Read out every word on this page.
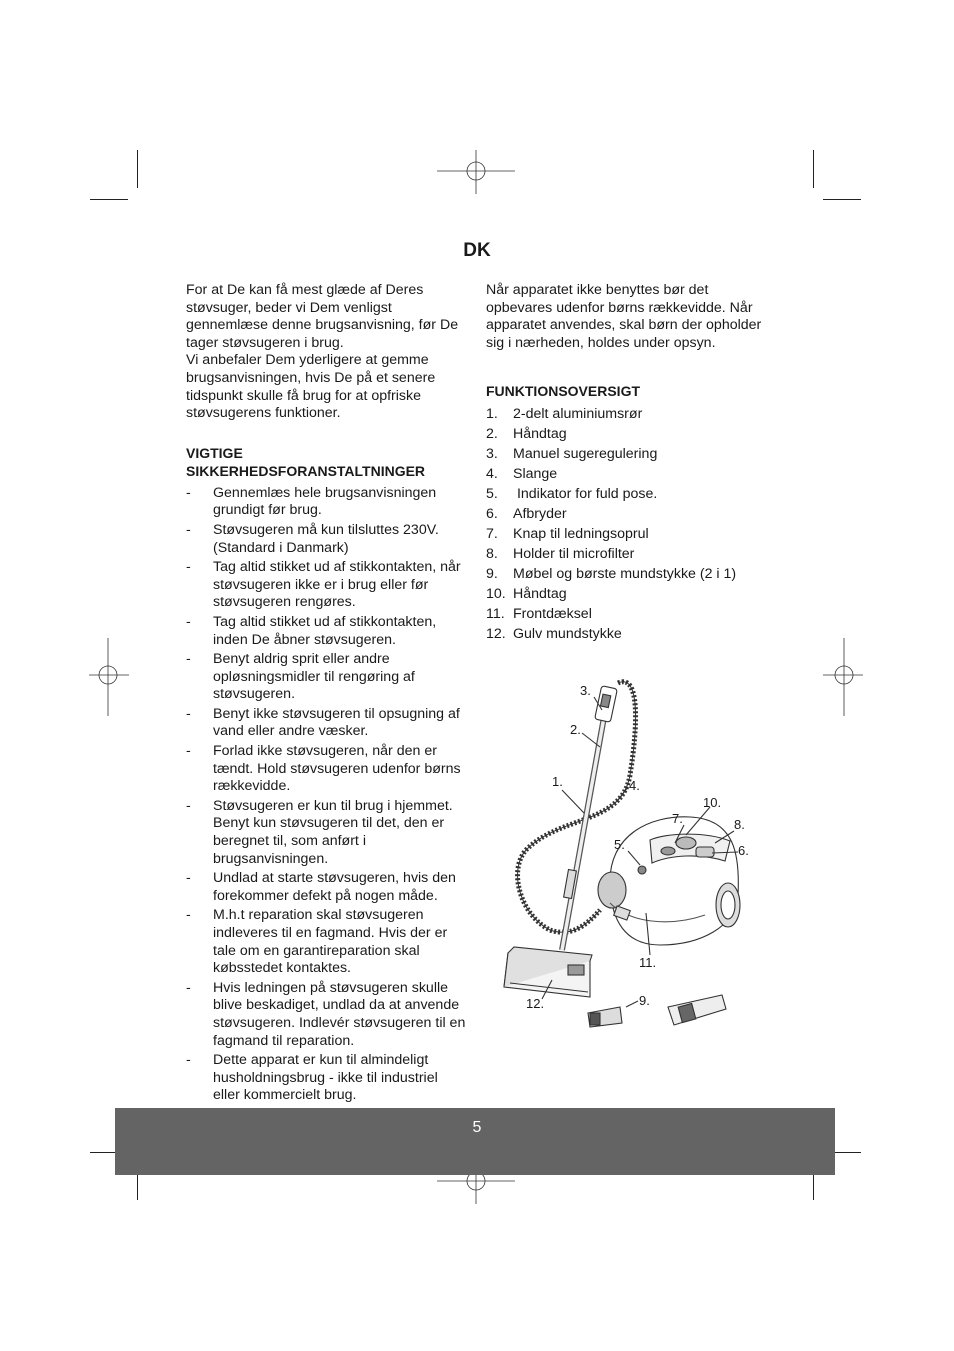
DK

For at De kan få mest glæde af Deres støvsuger, beder vi Dem venligst gennemlæse denne brugsanvisning, før De tager støvsugeren i brug.

Vi anbefaler Dem yderligere at gemme brugsanvisningen, hvis De på et senere tidspunkt skulle få brug for at opfriske støvsugerens funktioner.

VIGTIGE SIKKERHEDSFORANSTALTNINGER
- Gennemlæs hele brugsanvisningen grundigt før brug.
- Støvsugeren må kun tilsluttes 230V. (Standard i Danmark)
- Tag altid stikket ud af stikkontakten, når støvsugeren ikke er i brug eller før støvsugeren rengøres.
- Tag altid stikket ud af stikkontakten, inden De åbner støvsugeren.
- Benyt aldrig sprit eller andre opløsningsmidler til rengøring af støvsugeren.
- Benyt ikke støvsugeren til opsugning af vand eller andre væsker.
- Forlad ikke støvsugeren, når den er tændt. Hold støvsugeren udenfor børns rækkevidde.
- Støvsugeren er kun til brug i hjemmet. Benyt kun støvsugeren til det, den er beregnet til, som anført i brugsanvisningen.
- Undlad at starte støvsugeren, hvis den forekommer defekt på nogen måde.
- M.h.t reparation skal støvsugeren indleveres til en fagmand. Hvis der er tale om en garantireparation skal købsstedet kontaktes.
- Hvis ledningen på støvsugeren skulle blive beskadiget, undlad da at anvende støvsugeren. Indlevér støvsugeren til en fagmand til reparation.
- Dette apparat er kun til almindeligt husholdningsbrug - ikke til industriel eller kommercielt brug.

Når apparatet ikke benyttes bør det opbevares udenfor børns rækkevidde. Når apparatet anvendes, skal børn der opholder sig i nærheden, holdes under opsyn.

FUNKTIONSOVERSIGT
1. 2-delt aluminiumsrør
2. Håndtag
3. Manuel sugeregulering
4. Slange
5. Indikator for fuld pose.
6. Afbryder
7. Knap til ledningsoprul
8. Holder til microfilter
9. Møbel og børste mundstykke (2 i 1)
10. Håndtag
11. Frontdæksel
12. Gulv mundstykke
3.
2.
1.	4.
5.	6.
7.	8.
9.
10.
11.
12.
5
